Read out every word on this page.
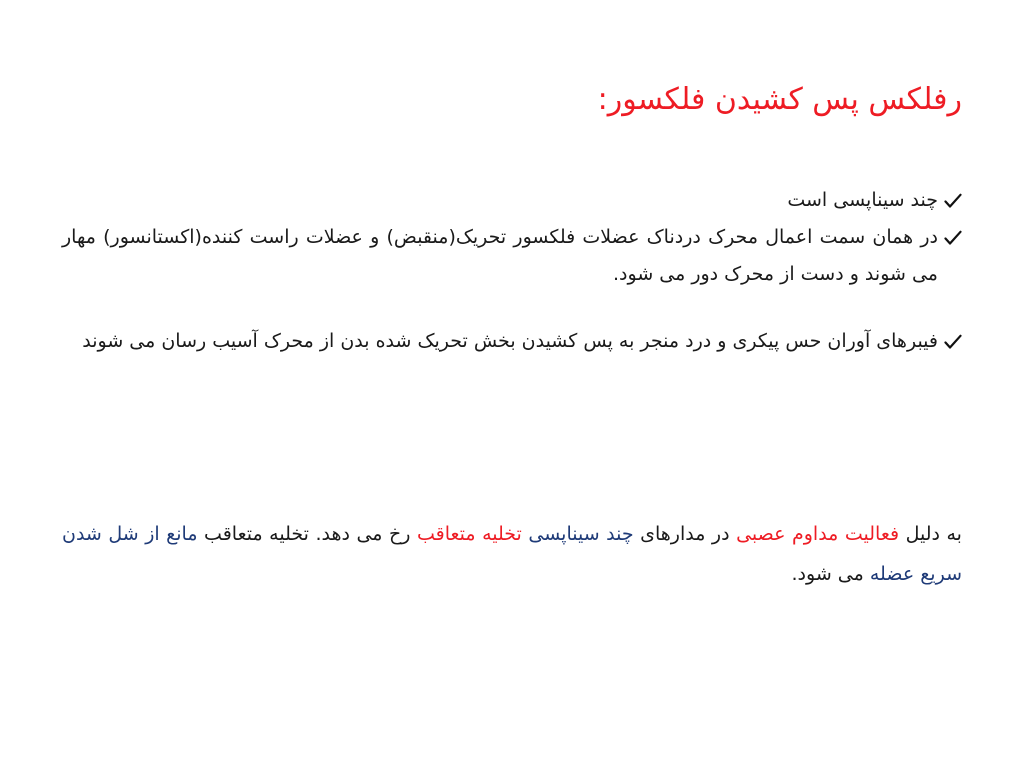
رفلکس پس کشیدن فلکسور:
چند سیناپسی است
در همان سمت اعمال محرک دردناک عضلات فلکسور تحریک(منقبض) و عضلات راست کننده(اکستانسور) مهار می شوند و دست از محرک دور می شود.
فیبرهای آوران حس پیکری و درد منجر به پس کشیدن بخش تحریک شده بدن از محرک آسیب رسان می شوند

به دلیل فعالیت مداوم عصبی در مدارهای چند سیناپسی تخلیه متعاقب رخ می دهد. تخلیه متعاقب مانع از شل شدن سریع عضله می شود.
